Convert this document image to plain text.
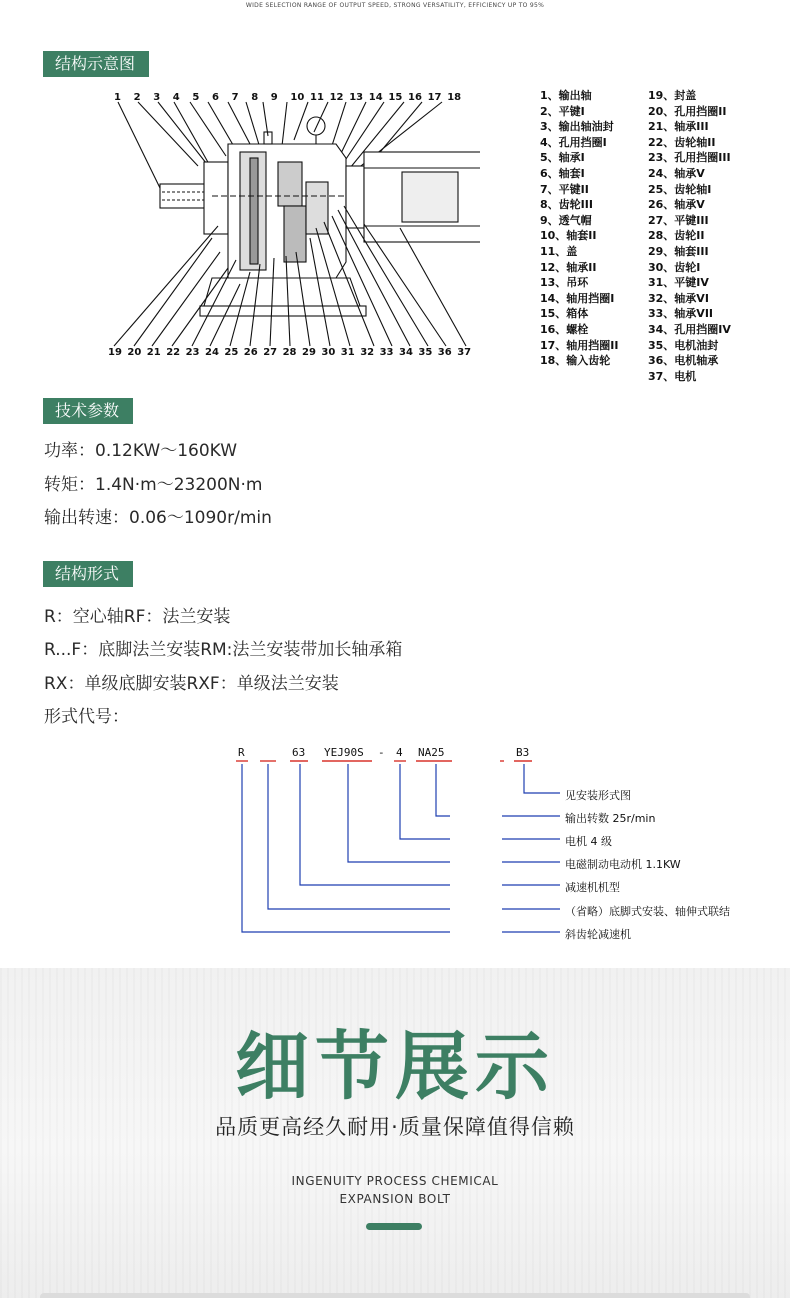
WIDE SELECTION RANGE OF OUTPUT SPEED, STRONG VERSATILITY, EFFICIENCY UP TO 95%
结构示意图
1 2 3 4 5 6 7 8 9 10 11 12 13 14 15 16 17 18
19 20 21 22 23 24 25 26 27 28 29 30 31 32 33 34 35 36 37
1、输出轴
2、平键I
3、输出轴油封
4、孔用挡圈I
5、轴承I
6、轴套I
7、平键II
8、齿轮III
9、透气帽
10、轴套II
11、盖
12、轴承II
13、吊环
14、轴用挡圈I
15、箱体
16、螺栓
17、轴用挡圈II
18、输入齿轮
19、封盖
20、孔用挡圈II
21、轴承III
22、齿轮轴II
23、孔用挡圈III
24、轴承V
25、齿轮轴I
26、轴承V
27、平键III
28、齿轮II
29、轴套III
30、齿轮I
31、平键IV
32、轴承VI
33、轴承VII
34、孔用挡圈IV
35、电机油封
36、电机轴承
37、电机
技术参数
功率：0.12KW～160KW
转矩：1.4N·m～23200N·m
输出转速：0.06～1090r/min
结构形式
R：空心轴RF：法兰安装
R...F：底脚法兰安装RM:法兰安装带加长轴承箱
RX：单级底脚安装RXF：单级法兰安装
形式代号：
R	63 YEJ90S - 4 NA25	B3
见安装形式图
输出转数 25r/min
电机 4 级
电磁制动电动机 1.1KW
减速机机型
（省略）底脚式安装、轴伸式联结
斜齿轮减速机
细节展示
品质更高经久耐用·质量保障值得信赖
INGENUITY PROCESS CHEMICAL
EXPANSION BOLT
